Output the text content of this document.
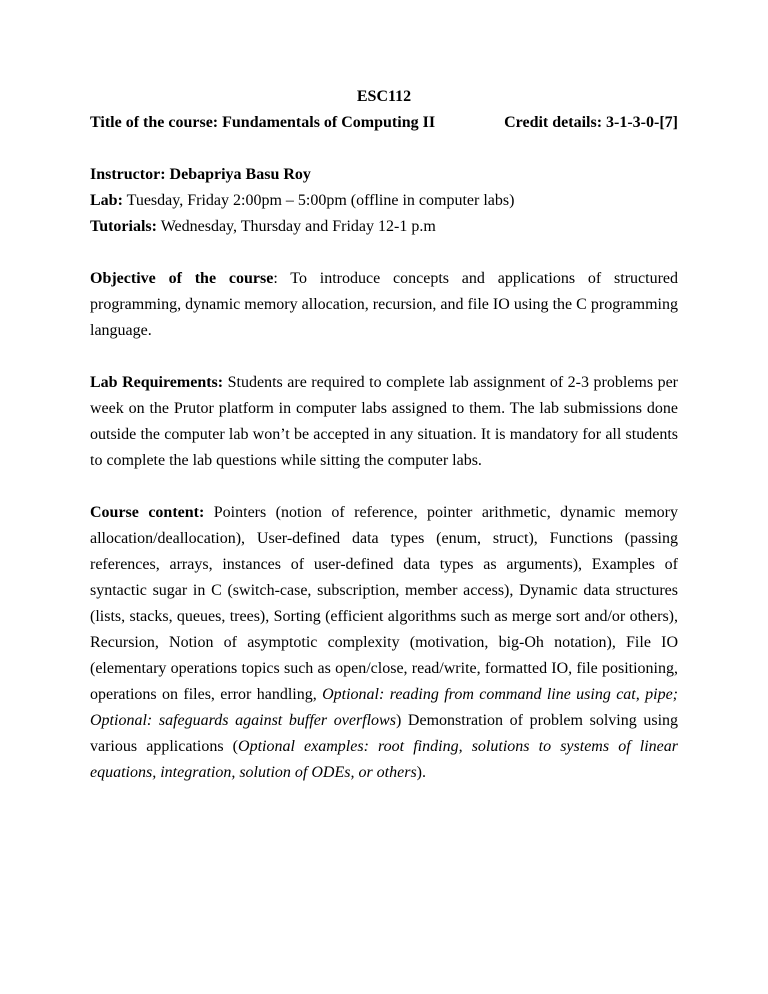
ESC112

Title of the course: Fundamentals of Computing II	Credit details: 3-1-3-0-[7]

Instructor: Debapriya Basu Roy

Lab: Tuesday, Friday 2:00pm – 5:00pm (offline in computer labs)

Tutorials: Wednesday, Thursday and Friday 12-1 p.m

Objective of the course: To introduce concepts and applications of structured programming, dynamic memory allocation, recursion, and file IO using the C programming language.

Lab Requirements: Students are required to complete lab assignment of 2-3 problems per week on the Prutor platform in computer labs assigned to them. The lab submissions done outside the computer lab won’t be accepted in any situation. It is mandatory for all students to complete the lab questions while sitting the computer labs.

Course content: Pointers (notion of reference, pointer arithmetic, dynamic memory allocation/deallocation), User-defined data types (enum, struct), Functions (passing references, arrays, instances of user-defined data types as arguments), Examples of syntactic sugar in C (switch-case, subscription, member access), Dynamic data structures (lists, stacks, queues, trees), Sorting (efficient algorithms such as merge sort and/or others), Recursion, Notion of asymptotic complexity (motivation, big-Oh notation), File IO (elementary operations topics such as open/close, read/write, formatted IO, file positioning, operations on files, error handling, Optional: reading from command line using cat, pipe; Optional: safeguards against buffer overflows) Demonstration of problem solving using various applications (Optional examples: root finding, solutions to systems of linear equations, integration, solution of ODEs, or others).
